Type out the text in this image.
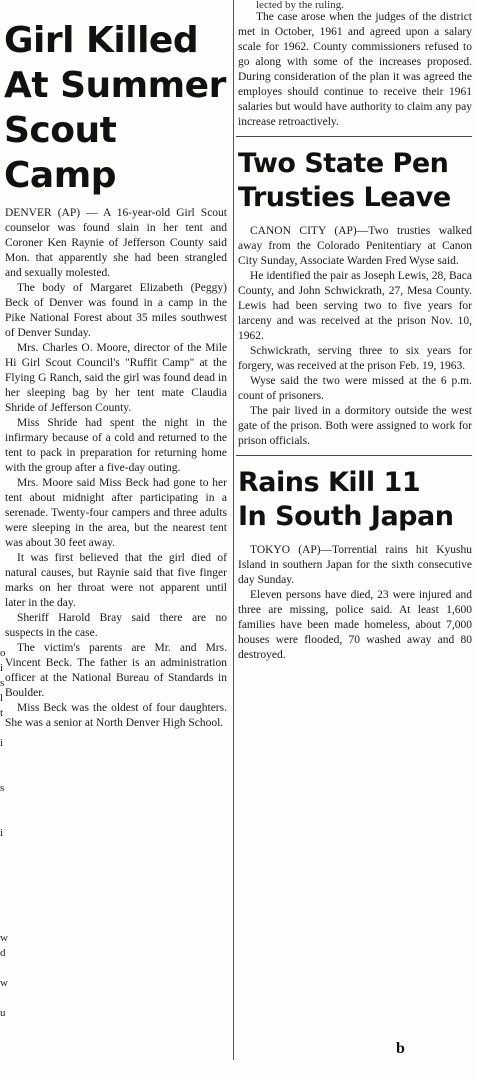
o
i
s
l
t
i
s
i
w
d
w
u
Girl Killed
At Summer
Scout Camp

DENVER (AP) — A 16-year-old Girl Scout counselor was found slain in her tent and Coroner Ken Raynie of Jefferson County said Mon. that apparently she had been strangled and sexually molested.

The body of Margaret Elizabeth (Peggy) Beck of Denver was found in a camp in the Pike National Forest about 35 miles southwest of Denver Sunday.

Mrs. Charles O. Moore, director of the Mile Hi Girl Scout Council's "Ruffit Camp" at the Flying G Ranch, said the girl was found dead in her sleeping bag by her tent mate Claudia Shride of Jefferson County.

Miss Shride had spent the night in the infirmary because of a cold and returned to the tent to pack in preparation for returning home with the group after a five-day outing.

Mrs. Moore said Miss Beck had gone to her tent about midnight after participating in a serenade. Twenty-four campers and three adults were sleeping in the area, but the nearest tent was about 30 feet away.

It was first believed that the girl died of natural causes, but Raynie said that five finger marks on her throat were not apparent until later in the day.

Sheriff Harold Bray said there are no suspects in the case.

The victim's parents are Mr. and Mrs. Vincent Beck. The father is an administration officer at the National Bureau of Standards in Boulder.

Miss Beck was the oldest of four daughters. She was a senior at North Denver High School.

lected by the ruling.

The case arose when the judges of the district met in October, 1961 and agreed upon a salary scale for 1962. County commissioners refused to go along with some of the increases proposed. During consideration of the plan it was agreed the employes should continue to receive their 1961 salaries but would have authority to claim any pay increase retroactively.

Two State Pen
Trusties Leave

CANON CITY (AP)—Two trusties walked away from the Colorado Penitentiary at Canon City Sunday, Associate Warden Fred Wyse said.

He identified the pair as Joseph Lewis, 28, Baca County, and John Schwickrath, 27, Mesa County. Lewis had been serving two to five years for larceny and was received at the prison Nov. 10, 1962.

Schwickrath, serving three to six years for forgery, was received at the prison Feb. 19, 1963.

Wyse said the two were missed at the 6 p.m. count of prisoners.

The pair lived in a dormitory outside the west gate of the prison. Both were assigned to work for prison officials.

Rains Kill 11
In South Japan

TOKYO (AP)—Torrential rains hit Kyushu Island in southern Japan for the sixth consecutive day Sunday.

Eleven persons have died, 23 were injured and three are missing, police said. At least 1,600 families have been made homeless, about 7,000 houses were flooded, 70 washed away and 80 destroyed.

b
